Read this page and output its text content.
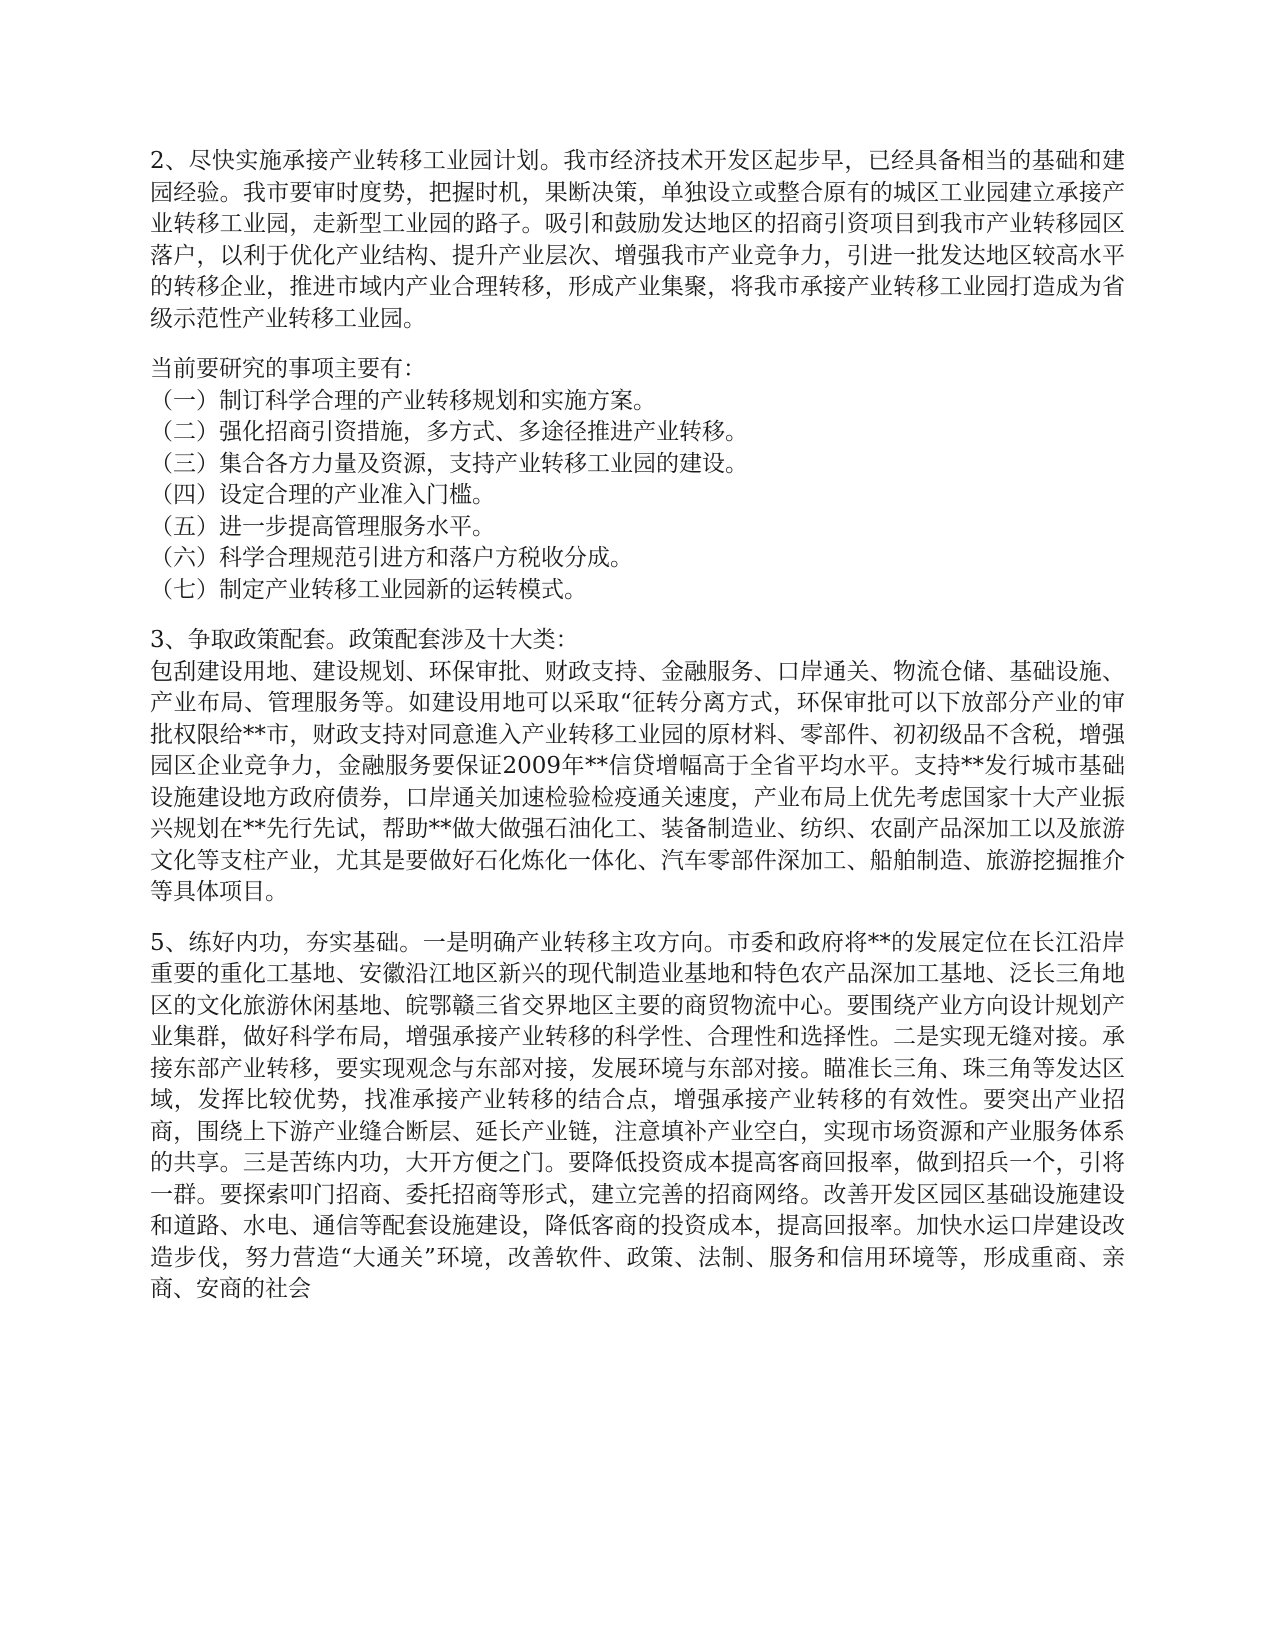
2、尽快实施承接产业转移工业园计划。我市经济技术开发区起步早，已经具备相当的基础和建园经验。我市要审时度势，把握时机，果断决策，单独设立或整合原有的城区工业园建立承接产业转移工业园，走新型工业园的路子。吸引和鼓励发达地区的招商引资项目到我市产业转移园区落户，以利于优化产业结构、提升产业层次、增强我市产业竞争力，引进一批发达地区较高水平的转移企业，推进市域内产业合理转移，形成产业集聚，将我市承接产业转移工业园打造成为省级示范性产业转移工业园。

当前要研究的事项主要有：

（一）制订科学合理的产业转移规划和实施方案。

（二）强化招商引资措施，多方式、多途径推进产业转移。

（三）集合各方力量及资源，支持产业转移工业园的建设。

（四）设定合理的产业准入门槛。

（五）进一步提高管理服务水平。

（六）科学合理规范引进方和落户方税收分成。

（七）制定产业转移工业园新的运转模式。

3、争取政策配套。政策配套涉及十大类：

包刮建设用地、建设规划、环保审批、财政支持、金融服务、口岸通关、物流仓储、基础设施、产业布局、管理服务等。如建设用地可以采取“征转分离方式，环保审批可以下放部分产业的审批权限给**市，财政支持对同意進入产业转移工业园的原材料、零部件、初初级品不含税，增强园区企业竞争力，金融服务要保证2009年**信贷增幅高于全省平均水平。支持**发行城市基础设施建设地方政府债券，口岸通关加速检验检疫通关速度，产业布局上优先考虑国家十大产业振兴规划在**先行先试，帮助**做大做强石油化工、装备制造业、纺织、农副产品深加工以及旅游文化等支柱产业，尤其是要做好石化炼化一体化、汽车零部件深加工、船舶制造、旅游挖掘推介等具体项目。

5、练好内功，夯实基础。一是明确产业转移主攻方向。市委和政府将**的发展定位在长江沿岸重要的重化工基地、安徽沿江地区新兴的现代制造业基地和特色农产品深加工基地、泛长三角地区的文化旅游休闲基地、皖鄂赣三省交界地区主要的商贸物流中心。要围绕产业方向设计规划产业集群，做好科学布局，增强承接产业转移的科学性、合理性和选择性。二是实现无缝对接。承接东部产业转移，要实现观念与东部对接，发展环境与东部对接。瞄准长三角、珠三角等发达区域，发挥比较优势，找准承接产业转移的结合点，增强承接产业转移的有效性。要突出产业招商，围绕上下游产业缝合断层、延长产业链，注意填补产业空白，实现市场资源和产业服务体系的共享。三是苦练内功，大开方便之门。要降低投资成本提高客商回报率，做到招兵一个，引将一群。要探索叩门招商、委托招商等形式，建立完善的招商网络。改善开发区园区基础设施建设和道路、水电、通信等配套设施建设，降低客商的投资成本，提高回报率。加快水运口岸建设改造步伐，努力营造“大通关”环境，改善软件、政策、法制、服务和信用环境等，形成重商、亲商、安商的社会
